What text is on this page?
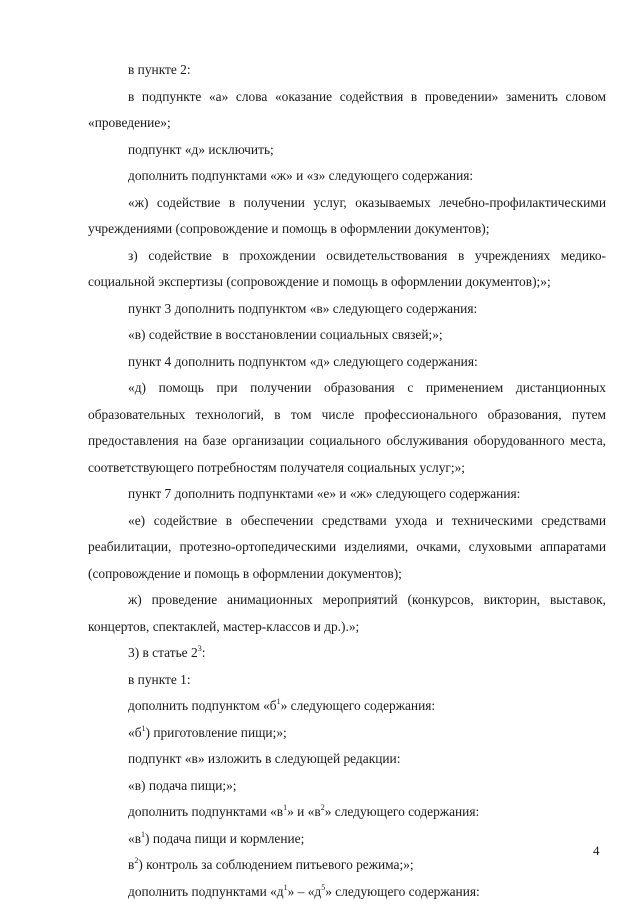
в пункте 2:

в подпункте «а» слова «оказание содействия в проведении» заменить словом «проведение»;

подпункт «д» исключить;

дополнить подпунктами «ж» и «з» следующего содержания:

«ж) содействие в получении услуг, оказываемых лечебно-профилактическими учреждениями (сопровождение и помощь в оформлении документов);

з) содействие в прохождении освидетельствования в учреждениях медико-социальной экспертизы (сопровождение и помощь в оформлении документов);»;

пункт 3 дополнить подпунктом «в» следующего содержания:

«в) содействие в восстановлении социальных связей;»;

пункт 4 дополнить подпунктом «д» следующего содержания:

«д) помощь при получении образования с применением дистанционных образовательных технологий, в том числе профессионального образования, путем предоставления на базе организации социального обслуживания оборудованного места, соответствующего потребностям получателя социальных услуг;»;

пункт 7 дополнить подпунктами «е» и «ж» следующего содержания:

«е) содействие в обеспечении средствами ухода и техническими средствами реабилитации, протезно-ортопедическими изделиями, очками, слуховыми аппаратами (сопровождение и помощь в оформлении документов);

ж) проведение анимационных мероприятий (конкурсов, викторин, выставок, концертов, спектаклей, мастер-классов и др.).»;

3) в статье $2^3$:

в пункте 1:

дополнить подпунктом «$б^1$» следующего содержания:

«$б^1$) приготовление пищи;»;

подпункт «в» изложить в следующей редакции:

«в) подача пищи;»;

дополнить подпунктами «$в^1$» и «$в^2$» следующего содержания:

«$в^1$) подача пищи и кормление;

$в^2$) контроль за соблюдением питьевого режима;»;

дополнить подпунктами «$д^1$» – «$д^5$» следующего содержания:

4
